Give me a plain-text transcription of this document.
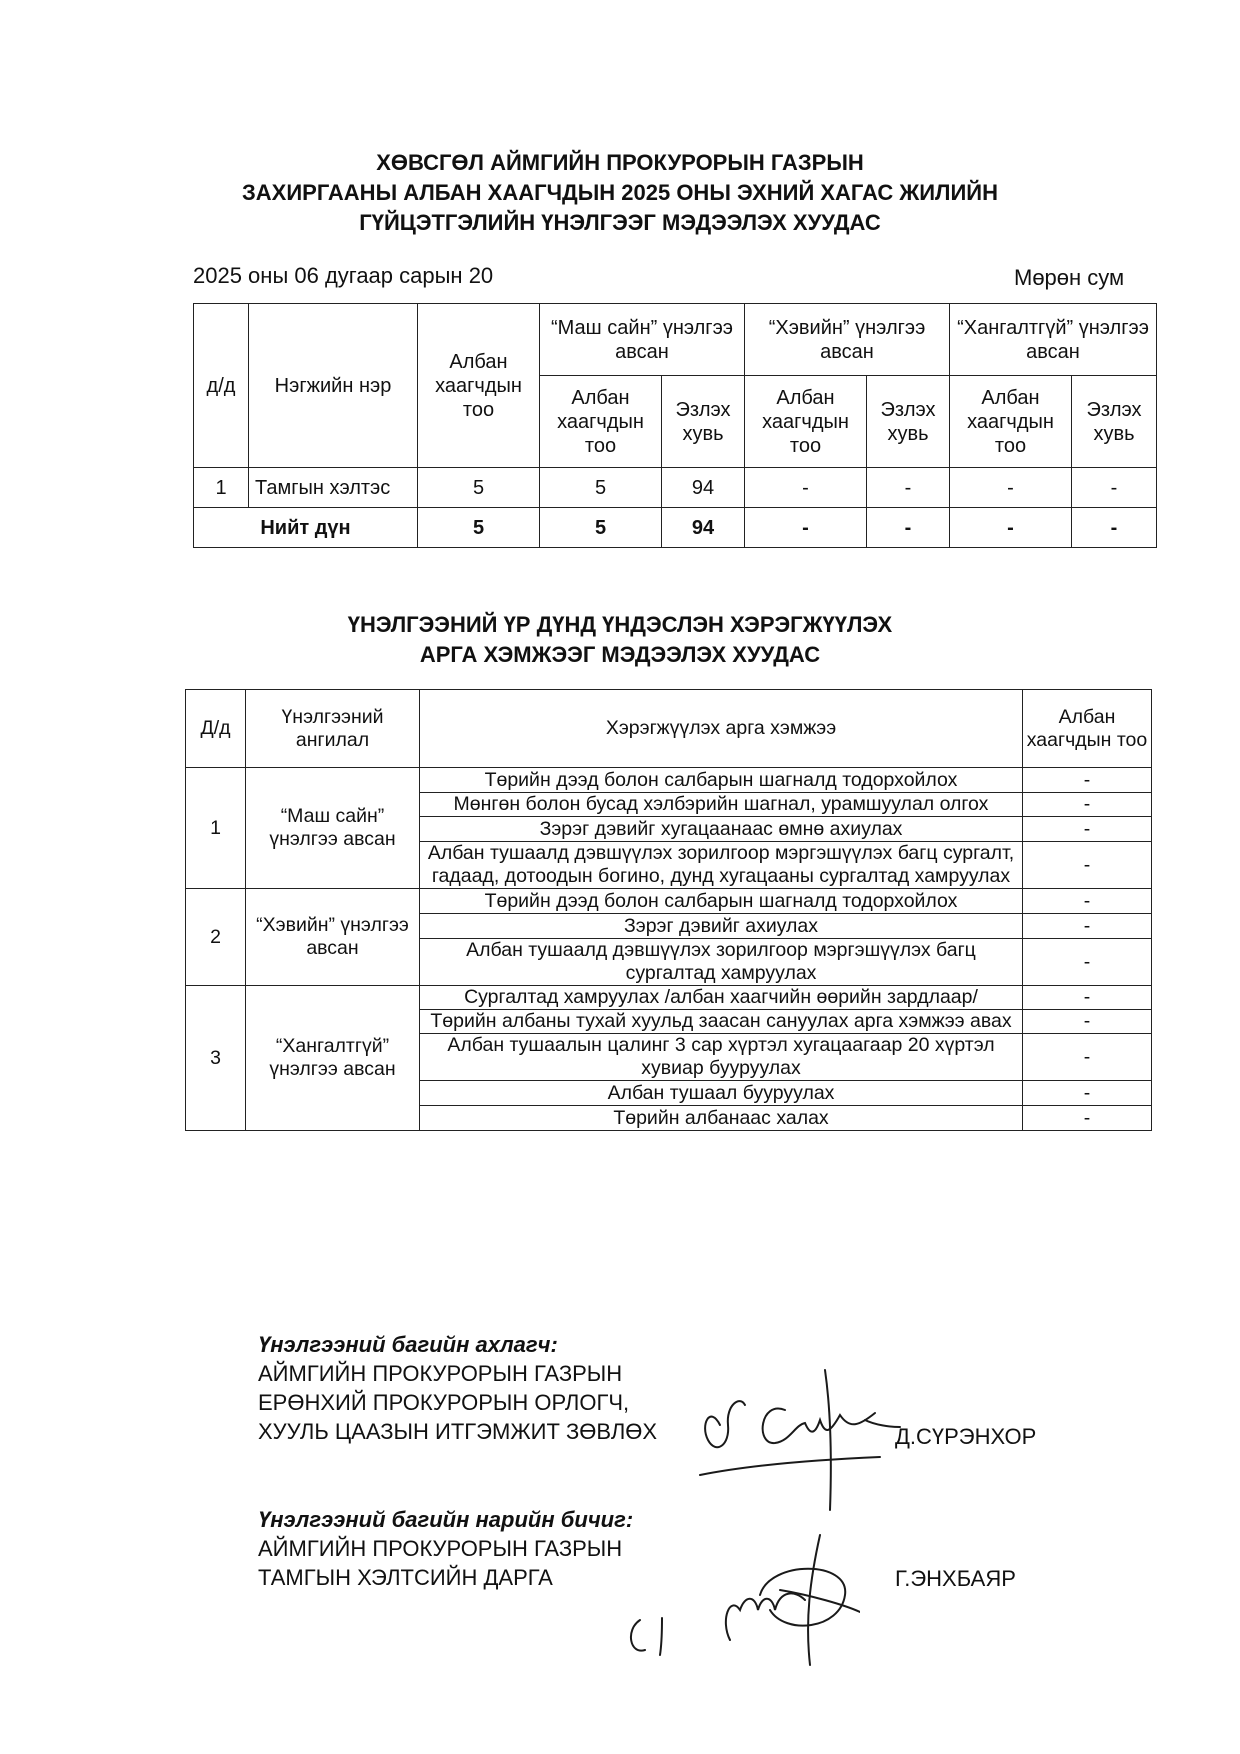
ХӨВСГӨЛ АЙМГИЙН ПРОКУРОРЫН ГАЗРЫН
ЗАХИРГААНЫ АЛБАН ХААГЧДЫН 2025 ОНЫ ЭХНИЙ ХАГАС ЖИЛИЙН
ГҮЙЦЭТГЭЛИЙН ҮНЭЛГЭЭГ МЭДЭЭЛЭХ ХУУДАС
2025 оны 06 дугаар сарын 20	Мөрөн сум
д/д	Нэгжийн нэр	Албан хаагчдын тоо	“Маш сайн” үнэлгээ авсан		“Хэвийн” үнэлгээ авсан		“Хангалтгүй” үнэлгээ авсан	
			Албан хаагчдын тоо	Эзлэх хувь	Албан хаагчдын тоо	Эзлэх хувь	Албан хаагчдын тоо	Эзлэх хувь
1	Тамгын хэлтэс	5	5	94	-	-	-	-
Нийт дүн		5	5	94	-	-	-	-
ҮНЭЛГЭЭНИЙ ҮР ДҮНД ҮНДЭСЛЭН ХЭРЭГЖҮҮЛЭХ
АРГА ХЭМЖЭЭГ МЭДЭЭЛЭХ ХУУДАС
Д/д	Үнэлгээний ангилал	Хэрэгжүүлэх арга хэмжээ	Албан хаагчдын тоо
1	“Маш сайн” үнэлгээ авсан	Төрийн дээд болон салбарын шагналд тодорхойлох	-
		Мөнгөн болон бусад хэлбэрийн шагнал, урамшуулал олгох	-
		Зэрэг дэвийг хугацаанаас өмнө ахиулах	-
		Албан тушаалд дэвшүүлэх зорилгоор мэргэшүүлэх багц сургалт, гадаад, дотоодын богино, дунд хугацааны сургалтад хамруулах	-
2	“Хэвийн” үнэлгээ авсан	Төрийн дээд болон салбарын шагналд тодорхойлох	-
		Зэрэг дэвийг ахиулах	-
		Албан тушаалд дэвшүүлэх зорилгоор мэргэшүүлэх багц сургалтад хамруулах	-
3	“Хангалтгүй” үнэлгээ авсан	Сургалтад хамруулах /албан хаагчийн өөрийн зардлаар/	-
		Төрийн албаны тухай хуульд заасан сануулах арга хэмжээ авах	-
		Албан тушаалын цалинг 3 сар хүртэл хугацаагаар 20 хүртэл хувиар бууруулах	-
		Албан тушаал бууруулах	-
		Төрийн албанаас халах	-
Үнэлгээний багийн ахлагч:
АЙМГИЙН ПРОКУРОРЫН ГАЗРЫН
ЕРӨНХИЙ ПРОКУРОРЫН ОРЛОГЧ,
ХУУЛЬ ЦААЗЫН ИТГЭМЖИТ ЗӨВЛӨХ	Д.СҮРЭНХОР
Үнэлгээний багийн нарийн бичиг:
АЙМГИЙН ПРОКУРОРЫН ГАЗРЫН
ТАМГЫН ХЭЛТСИЙН ДАРГА	Г.ЭНХБАЯР
